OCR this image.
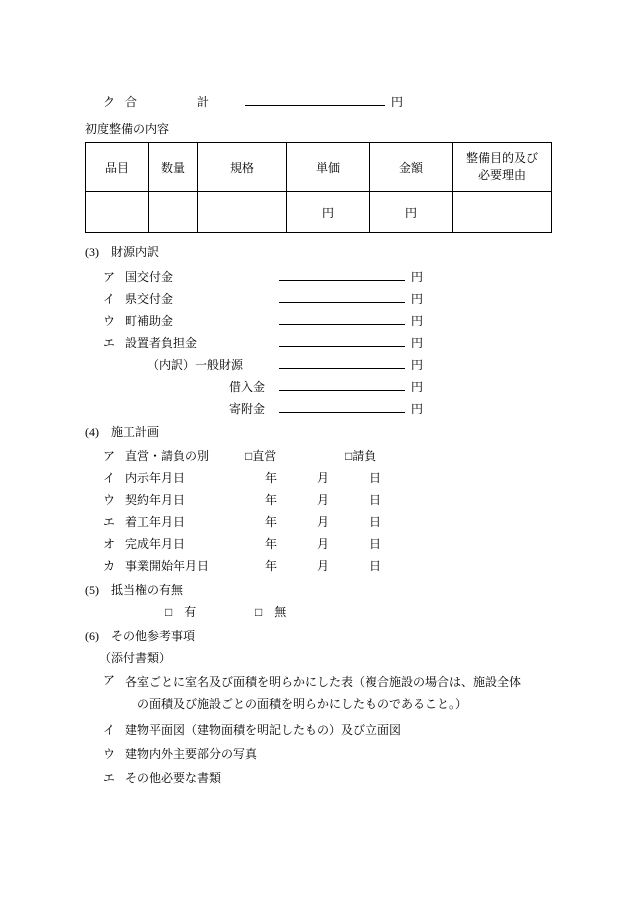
ク 合　　　　　計	円
初度整備の内容
品目	数量	規格	単価	金額	整備目的及び
必要理由

			円	円	
(3)	財源内訳
ア 国交付金	円
イ 県交付金	円
ウ 町補助金	円
エ 設置者負担金	円
（内訳）一般財源	円
借入金	円
寄附金	円
(4)	施工計画
ア 直営・請負の別	□直営	□請負
イ 内示年月日	年	月	日
ウ 契約年月日	年	月	日
エ 着工年月日	年	月	日
オ 完成年月日	年	月	日
カ 事業開始年月日	年	月	日
(5)	抵当権の有無
□　有	□　無
(6)	その他参考事項
（添付書類）
ア 各室ごとに室名及び面積を明らかにした表（複合施設の場合は、施設全体
の面積及び施設ごとの面積を明らかにしたものであること。）
イ 建物平面図（建物面積を明記したもの）及び立面図
ウ 建物内外主要部分の写真
エ その他必要な書類
